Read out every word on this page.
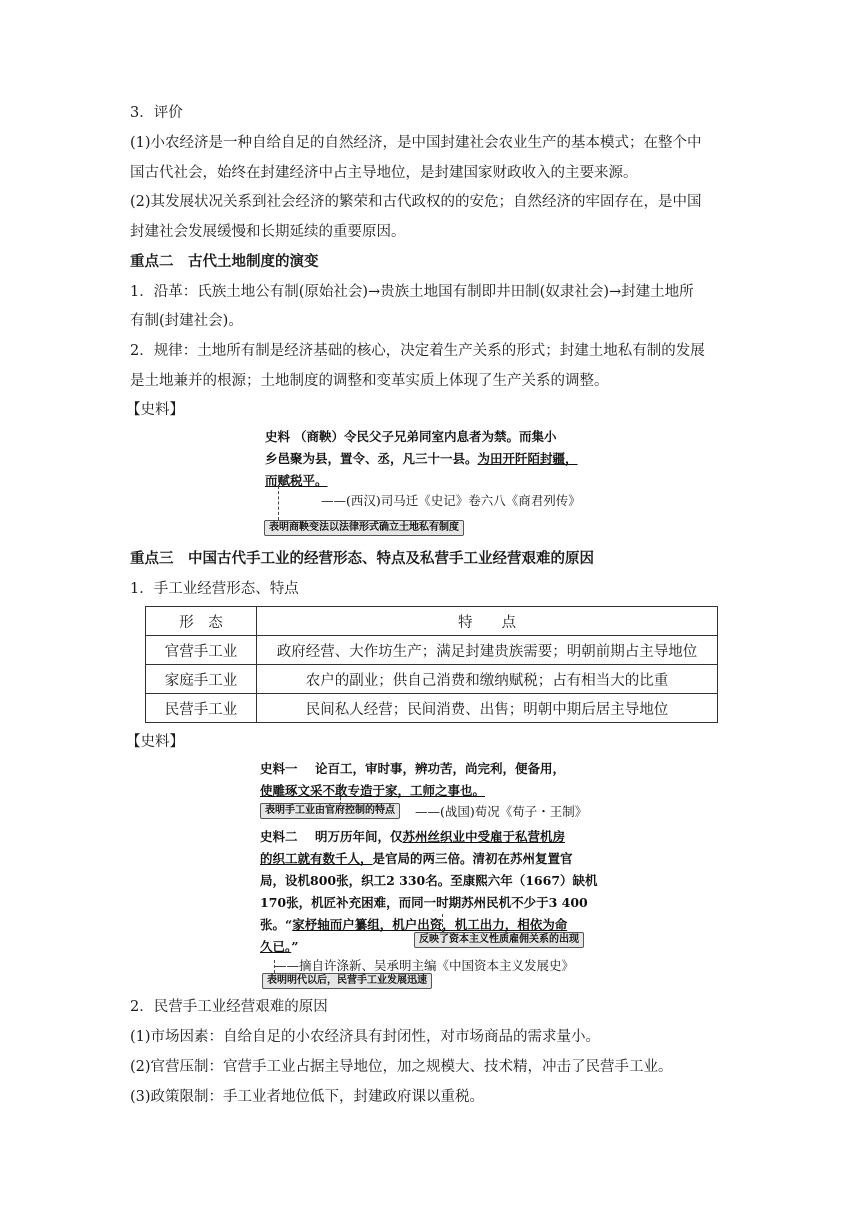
3．评价
(1)小农经济是一种自给自足的自然经济，是中国封建社会农业生产的基本模式；在整个中
国古代社会，始终在封建经济中占主导地位，是封建国家财政收入的主要来源。
(2)其发展状况关系到社会经济的繁荣和古代政权的的安危；自然经济的牢固存在，是中国
封建社会发展缓慢和长期延续的重要原因。
重点二　古代土地制度的演变
1．沿革：氏族土地公有制(原始社会)→贵族土地国有制即井田制(奴隶社会)→封建土地所
有制(封建社会)。
2．规律：土地所有制是经济基础的核心，决定着生产关系的形式；封建土地私有制的发展
是土地兼并的根源；土地制度的调整和变革实质上体现了生产关系的调整。
【史料】
史料 （商鞅）令民父子兄弟同室内息者为禁。而集小
乡邑聚为县，置令、丞，凡三十一县。为田开阡陌封疆，
而赋税平。
——(西汉)司马迁《史记》卷六八《商君列传》
表明商鞅变法以法律形式确立土地私有制度
重点三　中国古代手工业的经营形态、特点及私营手工业经营艰难的原因
1．手工业经营形态、特点
形　态	特　　点
官营手工业	政府经营、大作坊生产；满足封建贵族需要；明朝前期占主导地位
家庭手工业	农户的副业；供自己消费和缴纳赋税；占有相当大的比重
民营手工业	民间私人经营；民间消费、出售；明朝中期后居主导地位
【史料】
史料一 论百工，审时事，辨功苦，尚完利，便备用，
使雕琢文采不敢专造于家，工师之事也。
——(战国)荀况《荀子・王制》
史料二 明万历年间，仅苏州丝织业中受雇于私营机房
的织工就有数千人，是官局的两三倍。清初在苏州复置官
局，设机800张，织工2 330名。至康熙六年（1667）缺机
170张，机匠补充困难，而同一时期苏州民机不少于3 400
张。“家杼轴而户纂组，机户出资，机工出力，相依为命
久已。”
——摘自许涤新、吴承明主编《中国资本主义发展史》
表明手工业由官府控制的特点
反映了资本主义性质雇佣关系的出现
表明明代以后，民营手工业发展迅速
2．民营手工业经营艰难的原因
(1)市场因素：自给自足的小农经济具有封闭性，对市场商品的需求量小。
(2)官营压制：官营手工业占据主导地位，加之规模大、技术精，冲击了民营手工业。
(3)政策限制：手工业者地位低下，封建政府课以重税。
